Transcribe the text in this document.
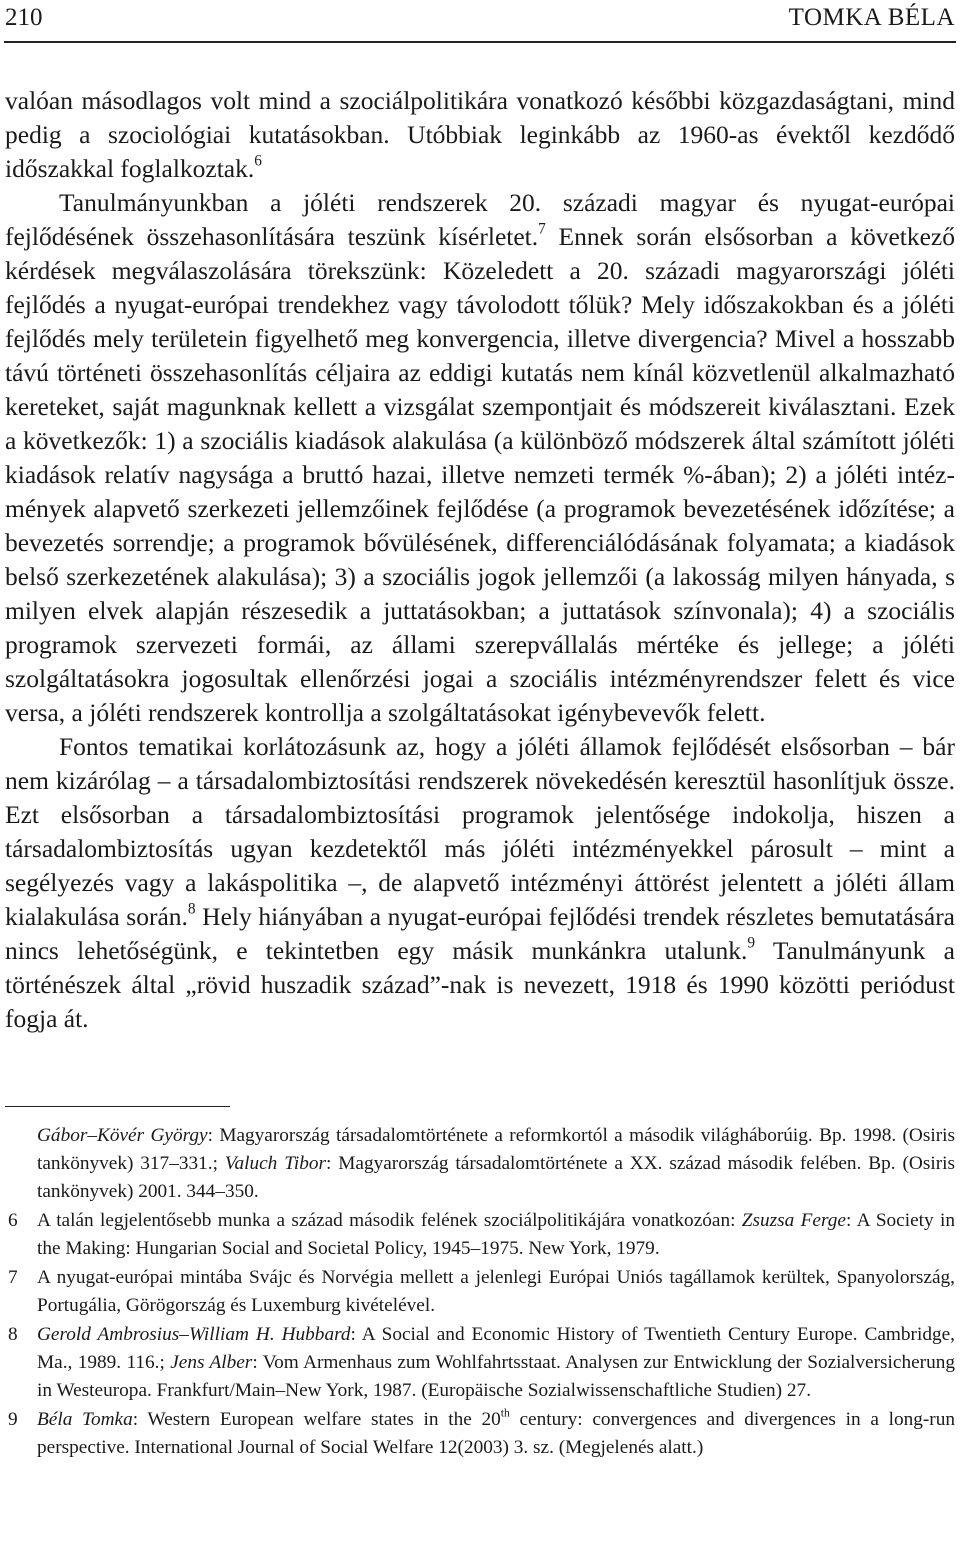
210	TOMKA BÉLA

valóan másodlagos volt mind a szociálpolitikára vonatkozó későbbi közgazdaságtani, mind pedig a szociológiai kutatásokban. Utóbbiak leginkább az 1960-as évektől kezdődő időszakkal foglalkoztak.$^6$

Tanulmányunkban a jóléti rendszerek 20. századi magyar és nyugat-európai fejlődésének összehasonlítására teszünk kísérletet.$^7$ Ennek során elsősorban a következő kérdések megválaszolására törekszünk: Közeledett a 20. századi magyarországi jóléti fejlődés a nyugat-európai trendekhez vagy távolodott tőlük? Mely időszakokban és a jóléti fejlődés mely területein figyelhető meg konvergencia, illetve divergencia? Mivel a hosszabb távú történeti összehasonlítás céljaira az eddigi kutatás nem kínál közvetlenül alkalmazható kereteket, saját magunknak kellett a vizsgálat szempontjait és módszereit kiválasztani. Ezek a következők: 1) a szociális kiadások alakulása (a különböző módszerek által számított jóléti kiadások relatív nagysága a bruttó hazai, illetve nemzeti termék %-ában); 2) a jóléti intézmények alapvető szerkezeti jellemzőinek fejlődése (a programok bevezetésének időzítése; a bevezetés sorrendje; a programok bővülésének, differenciálódásának folyamata; a kiadások belső szerkezetének alakulása); 3) a szociális jogok jellemzői (a lakosság milyen hányada, s milyen elvek alapján részesedik a juttatásokban; a juttatások színvonala); 4) a szociális programok szervezeti formái, az állami szerepvállalás mértéke és jellege; a jóléti szolgáltatásokra jogosultak ellenőrzési jogai a szociális intézményrendszer felett és vice versa, a jóléti rendszerek kontrollja a szolgáltatásokat igénybevevők felett.

Fontos tematikai korlátozásunk az, hogy a jóléti államok fejlődését elsősorban – bár nem kizárólag – a társadalombiztosítási rendszerek növekedésén keresztül hasonlítjuk össze. Ezt elsősorban a társadalombiztosítási programok jelentősége indokolja, hiszen a társadalombiztosítás ugyan kezdetektől más jóléti intézményekkel párosult – mint a segélyezés vagy a lakáspolitika –, de alapvető intézményi áttörést jelentett a jóléti állam kialakulása során.$^8$ Hely hiányában a nyugat-európai fejlődési trendek részletes bemutatására nincs lehetőségünk, e tekintetben egy másik munkánkra utalunk.$^9$ Tanulmányunk a történészek által „rövid huszadik század”-nak is nevezett, 1918 és 1990 közötti periódust fogja át.

Gábor–Kövér György: Magyarország társadalomtörténete a reformkortól a második világháborúig. Bp. 1998. (Osiris tankönyvek) 317–331.; Valuch Tibor: Magyarország társadalomtörténete a XX. század második felében. Bp. (Osiris tankönyvek) 2001. 344–350.

6 A talán legjelentősebb munka a század második felének szociálpolitikájára vonatkozóan: Zsuzsa Ferge: A Society in the Making: Hungarian Social and Societal Policy, 1945–1975. New York, 1979.

7 A nyugat-európai mintába Svájc és Norvégia mellett a jelenlegi Európai Uniós tagállamok kerültek, Spanyolország, Portugália, Görögország és Luxemburg kivételével.

8 Gerold Ambrosius–William H. Hubbard: A Social and Economic History of Twentieth Century Europe. Cambridge, Ma., 1989. 116.; Jens Alber: Vom Armenhaus zum Wohlfahrtsstaat. Analysen zur Entwicklung der Sozialversicherung in Westeuropa. Frankfurt/Main–New York, 1987. (Europäische Sozialwissenschaftliche Studien) 27.

9 Béla Tomka: Western European welfare states in the 20th century: convergences and divergences in a long-run perspective. International Journal of Social Welfare 12(2003) 3. sz. (Megjelenés alatt.)
